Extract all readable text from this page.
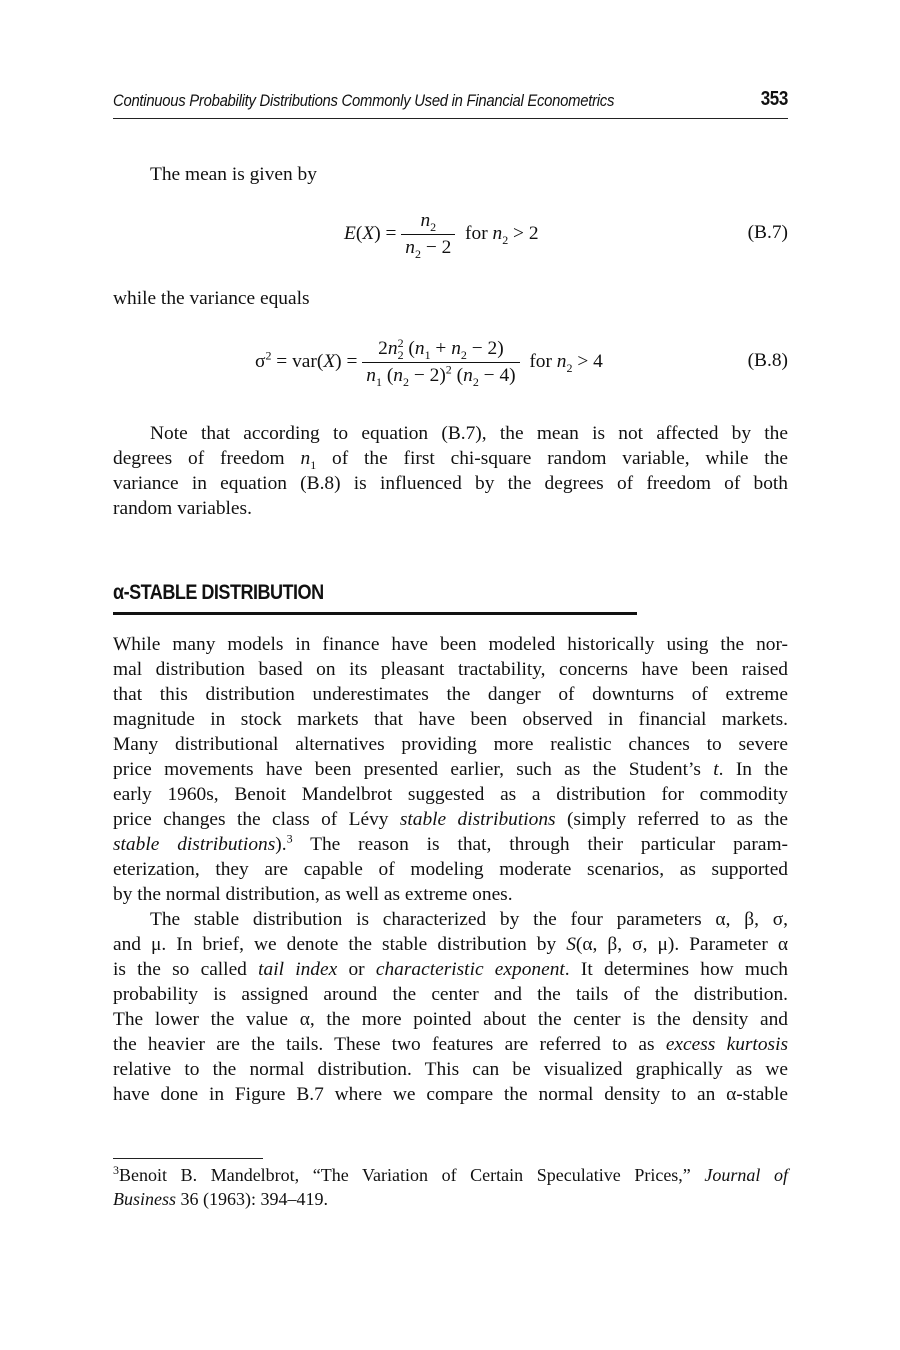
Continuous Probability Distributions Commonly Used in Financial Econometrics	353
The mean is given by
$E(X) = \frac{n_2}{n_2 - 2}$ for $n_2 > 2$	(B.7)
while the variance equals
$\sigma^2 = var(X) = \frac{2n_2^2 (n_1 + n_2 - 2)}{n_1 (n_2 - 2)^2 (n_2 - 4)}$ for $n_2 > 4$	(B.8)
Note that according to equation (B.7), the mean is not affected by the
degrees of freedom $n_1$ of the first chi-square random variable, while the
variance in equation (B.8) is influenced by the degrees of freedom of both
random variables.
α-STABLE DISTRIBUTION
While many models in finance have been modeled historically using the nor-
mal distribution based on its pleasant tractability, concerns have been raised
that this distribution underestimates the danger of downturns of extreme
magnitude in stock markets that have been observed in financial markets.
Many distributional alternatives providing more realistic chances to severe
price movements have been presented earlier, such as the Student’s t. In the
early 1960s, Benoit Mandelbrot suggested as a distribution for commodity
price changes the class of Lévy stable distributions (simply referred to as the
stable distributions).$^3$ The reason is that, through their particular param-
eterization, they are capable of modeling moderate scenarios, as supported
by the normal distribution, as well as extreme ones.
The stable distribution is characterized by the four parameters α, β, σ,
and μ. In brief, we denote the stable distribution by S(α, β, σ, μ). Parameter α
is the so called tail index or characteristic exponent. It determines how much
probability is assigned around the center and the tails of the distribution.
The lower the value α, the more pointed about the center is the density and
the heavier are the tails. These two features are referred to as excess kurtosis
relative to the normal distribution. This can be visualized graphically as we
have done in Figure B.7 where we compare the normal density to an α-stable
$^3$Benoit B. Mandelbrot, “The Variation of Certain Speculative Prices,” Journal of
Business 36 (1963): 394–419.
